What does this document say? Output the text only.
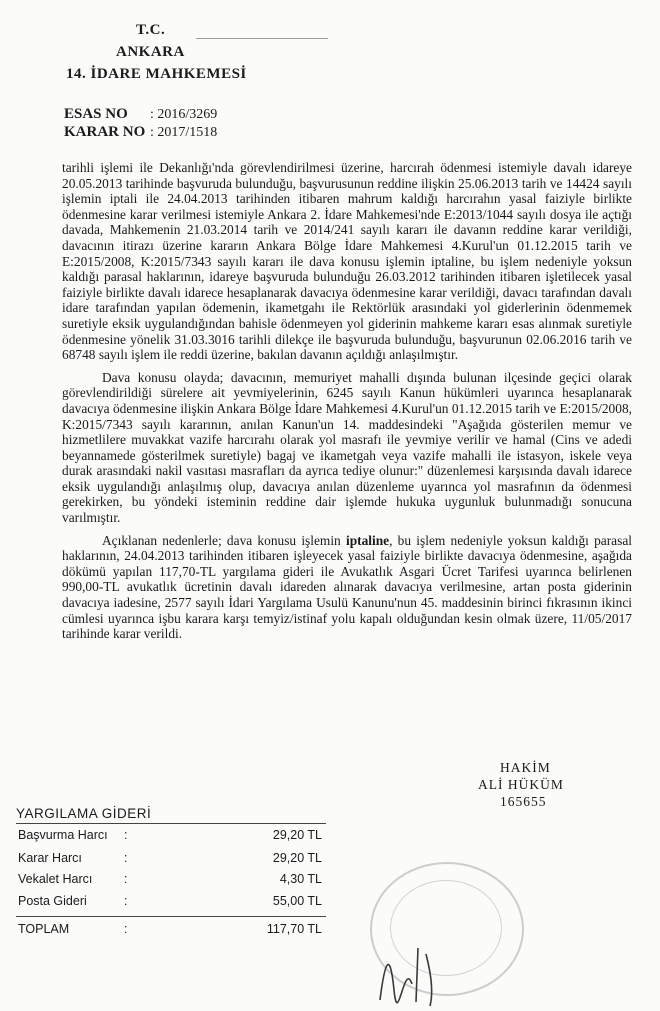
T.C.
ANKARA
14. İDARE MAHKEMESİ
ESAS NO : 2016/3269
KARAR NO : 2017/1518

tarihli işlemi ile Dekanlığı'nda görevlendirilmesi üzerine, harcırah ödenmesi istemiyle davalı idareye 20.05.2013 tarihinde başvuruda bulunduğu, başvurusunun reddine ilişkin 25.06.2013 tarih ve 14424 sayılı işlemin iptali ile 24.04.2013 tarihinden itibaren mahrum kaldığı harcırahın yasal faiziyle birlikte ödenmesine karar verilmesi istemiyle Ankara 2. İdare Mahkemesi'nde E:2013/1044 sayılı dosya ile açtığı davada, Mahkemenin 21.03.2014 tarih ve 2014/241 sayılı kararı ile davanın reddine karar verildiği, davacının itirazı üzerine kararın Ankara Bölge İdare Mahkemesi 4.Kurul'un 01.12.2015 tarih ve E:2015/2008, K:2015/7343 sayılı kararı ile dava konusu işlemin iptaline, bu işlem nedeniyle yoksun kaldığı parasal haklarının, idareye başvuruda bulunduğu 26.03.2012 tarihinden itibaren işletilecek yasal faiziyle birlikte davalı idarece hesaplanarak davacıya ödenmesine karar verildiği, davacı tarafından davalı idare tarafından yapılan ödemenin, ikametgahı ile Rektörlük arasındaki yol giderlerinin ödenmemek suretiyle eksik uygulandığından bahisle ödenmeyen yol giderinin mahkeme kararı esas alınmak suretiyle ödenmesine yönelik 31.03.3016 tarihli dilekçe ile başvuruda bulunduğu, başvurunun 02.06.2016 tarih ve 68748 sayılı işlem ile reddi üzerine, bakılan davanın açıldığı anlaşılmıştır.

Dava konusu olayda; davacının, memuriyet mahalli dışında bulunan ilçesinde geçici olarak görevlendirildiği sürelere ait yevmiyelerinin, 6245 sayılı Kanun hükümleri uyarınca hesaplanarak davacıya ödenmesine ilişkin Ankara Bölge İdare Mahkemesi 4.Kurul'un 01.12.2015 tarih ve E:2015/2008, K:2015/7343 sayılı kararının, anılan Kanun'un 14. maddesindeki "Aşağıda gösterilen memur ve hizmetlilere muvakkat vazife harcırahı olarak yol masrafı ile yevmiye verilir ve hamal (Cins ve adedi beyannamede gösterilmek suretiyle) bagaj ve ikametgah veya vazife mahalli ile istasyon, iskele veya durak arasındaki nakil vasıtası masrafları da ayrıca tediye olunur:" düzenlemesi karşısında davalı idarece eksik uygulandığı anlaşılmış olup, davacıya anılan düzenleme uyarınca yol masrafının da ödenmesi gerekirken, bu yöndeki isteminin reddine dair işlemde hukuka uygunluk bulunmadığı sonucuna varılmıştır.

Açıklanan nedenlerle; dava konusu işlemin iptaline, bu işlem nedeniyle yoksun kaldığı parasal haklarının, 24.04.2013 tarihinden itibaren işleyecek yasal faiziyle birlikte davacıya ödenmesine, aşağıda dökümü yapılan 117,70-TL yargılama gideri ile Avukatlık Asgari Ücret Tarifesi uyarınca belirlenen 990,00-TL avukatlık ücretinin davalı idareden alınarak davacıya verilmesine, artan posta giderinin davacıya iadesine, 2577 sayılı İdari Yargılama Usulü Kanunu'nun 45. maddesinin birinci fıkrasının ikinci cümlesi uyarınca işbu karara karşı temyiz/istinaf yolu kapalı olduğundan kesin olmak üzere, 11/05/2017 tarihinde karar verildi.

HAKİM
ALİ HÜKÜM
165655
YARGILAMA GİDERİ
Başvurma Harcı :	29,20 TL
Karar Harcı	:	29,20 TL
Vekalet Harcı	:	4,30 TL
Posta Gideri	:	55,00 TL
TOPLAM	:	117,70 TL
